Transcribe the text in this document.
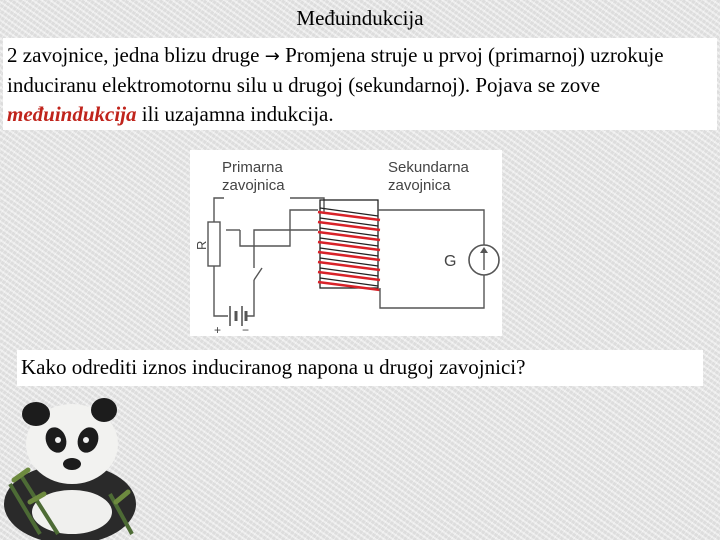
Međuindukcija

2 zavojnice, jedna blizu druge → Promjena struje u prvoj (primarnoj) uzrokuje induciranu elektromotornu silu u drugoj (sekundarnoj). Pojava se zove međuindukcija ili uzajamna indukcija.

Primarna
zavojnica
Sekundarna
zavojnica
R
+ −
G

Kako odrediti iznos induciranog napona u drugoj zavojnici?
